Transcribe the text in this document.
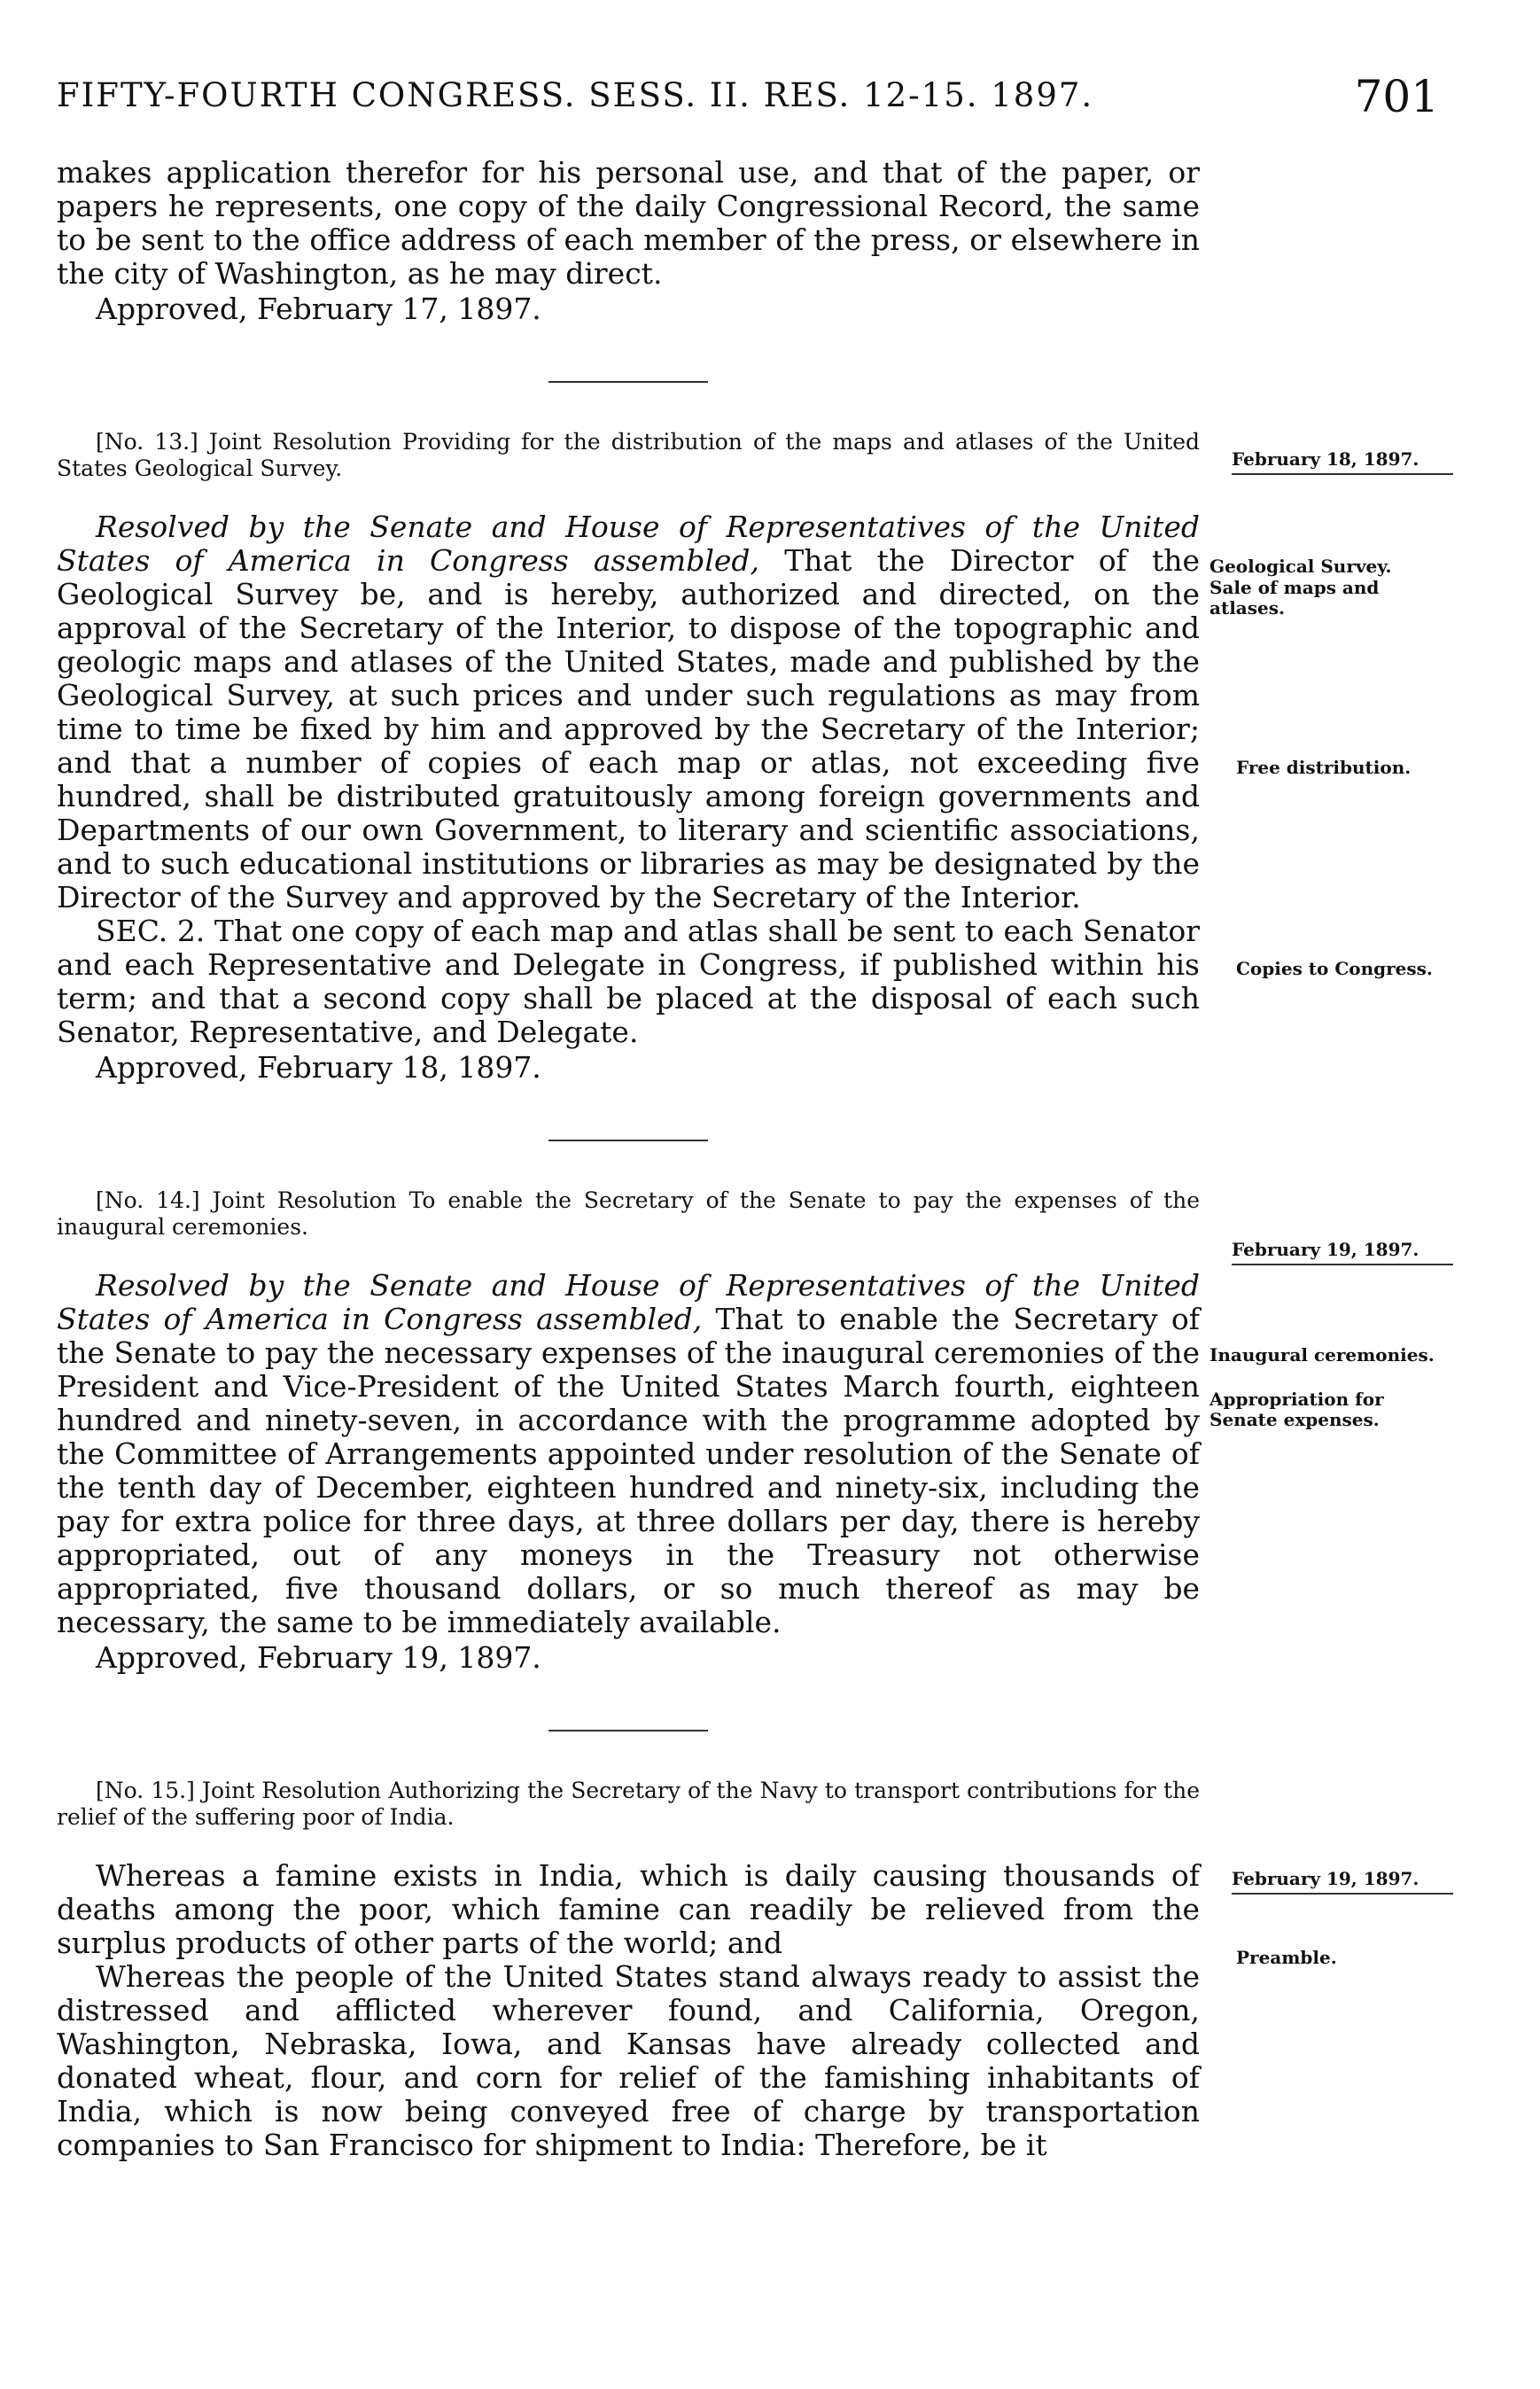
FIFTY-FOURTH CONGRESS. SESS. II. RES. 12-15. 1897.	701

makes application therefor for his personal use, and that of the paper, or papers he represents, one copy of the daily Congressional Record, the same to be sent to the office address of each member of the press, or elsewhere in the city of Washington, as he may direct.

Approved, February 17, 1897.

[No. 13.] Joint Resolution Providing for the distribution of the maps and atlases of the United States Geological Survey.

Resolved by the Senate and House of Representatives of the United States of America in Congress assembled, That the Director of the Geological Survey be, and is hereby, authorized and directed, on the approval of the Secretary of the Interior, to dispose of the topographic and geologic maps and atlases of the United States, made and published by the Geological Survey, at such prices and under such regulations as may from time to time be fixed by him and approved by the Secretary of the Interior; and that a number of copies of each map or atlas, not exceeding five hundred, shall be distributed gratuitously among foreign governments and Departments of our own Government, to literary and scientific associations, and to such educational institutions or libraries as may be designated by the Director of the Survey and approved by the Secretary of the Interior.

SEC. 2. That one copy of each map and atlas shall be sent to each Senator and each Representative and Delegate in Congress, if published within his term; and that a second copy shall be placed at the disposal of each such Senator, Representative, and Delegate.

Approved, February 18, 1897.

[No. 14.] Joint Resolution To enable the Secretary of the Senate to pay the expenses of the inaugural ceremonies.

Resolved by the Senate and House of Representatives of the United States of America in Congress assembled, That to enable the Secretary of the Senate to pay the necessary expenses of the inaugural ceremonies of the President and Vice-President of the United States March fourth, eighteen hundred and ninety-seven, in accordance with the programme adopted by the Committee of Arrangements appointed under resolution of the Senate of the tenth day of December, eighteen hundred and ninety-six, including the pay for extra police for three days, at three dollars per day, there is hereby appropriated, out of any moneys in the Treasury not otherwise appropriated, five thousand dollars, or so much thereof as may be necessary, the same to be immediately available.

Approved, February 19, 1897.

[No. 15.] Joint Resolution Authorizing the Secretary of the Navy to transport contributions for the relief of the suffering poor of India.

Whereas a famine exists in India, which is daily causing thousands of deaths among the poor, which famine can readily be relieved from the surplus products of other parts of the world; and

Whereas the people of the United States stand always ready to assist the distressed and afflicted wherever found, and California, Oregon, Washington, Nebraska, Iowa, and Kansas have already collected and donated wheat, flour, and corn for relief of the famishing inhabitants of India, which is now being conveyed free of charge by transportation companies to San Francisco for shipment to India: Therefore, be it

February 18, 1897.
Geological Survey.
Sale of maps and atlases.
Free distribution.
Copies to Congress.
February 19, 1897.
Inaugural ceremonies.
Appropriation for Senate expenses.
February 19, 1897.
Preamble.
